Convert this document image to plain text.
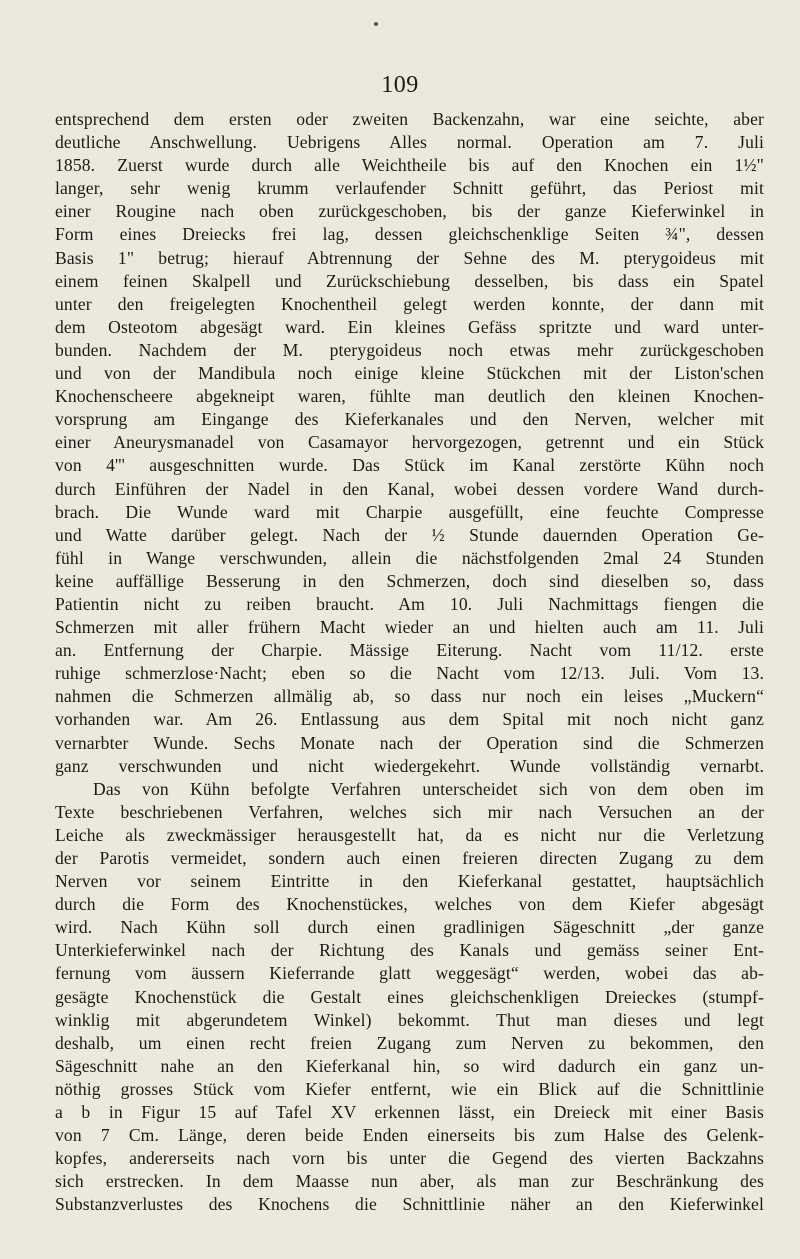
109
entsprechend dem ersten oder zweiten Backenzahn, war eine seichte, aber
deutliche Anschwellung. Uebrigens Alles normal. Operation am 7. Juli
1858. Zuerst wurde durch alle Weichtheile bis auf den Knochen ein 1½"
langer, sehr wenig krumm verlaufender Schnitt geführt, das Periost mit
einer Rougine nach oben zurückgeschoben, bis der ganze Kieferwinkel in
Form eines Dreiecks frei lag, dessen gleichschenklige Seiten ¾", dessen
Basis 1" betrug; hierauf Abtrennung der Sehne des M. pterygoideus mit
einem feinen Skalpell und Zurückschiebung desselben, bis dass ein Spatel
unter den freigelegten Knochentheil gelegt werden konnte, der dann mit
dem Osteotom abgesägt ward. Ein kleines Gefäss spritzte und ward unter-
bunden. Nachdem der M. pterygoideus noch etwas mehr zurückgeschoben
und von der Mandibula noch einige kleine Stückchen mit der Liston'schen
Knochenscheere abgekneipt waren, fühlte man deutlich den kleinen Knochen-
vorsprung am Eingange des Kieferkanales und den Nerven, welcher mit
einer Aneurysmanadel von Casamayor hervorgezogen, getrennt und ein Stück
von 4''' ausgeschnitten wurde. Das Stück im Kanal zerstörte Kühn noch
durch Einführen der Nadel in den Kanal, wobei dessen vordere Wand durch-
brach. Die Wunde ward mit Charpie ausgefüllt, eine feuchte Compresse
und Watte darüber gelegt. Nach der ½ Stunde dauernden Operation Ge-
fühl in Wange verschwunden, allein die nächstfolgenden 2mal 24 Stunden
keine auffällige Besserung in den Schmerzen, doch sind dieselben so, dass
Patientin nicht zu reiben braucht. Am 10. Juli Nachmittags fiengen die
Schmerzen mit aller frühern Macht wieder an und hielten auch am 11. Juli
an. Entfernung der Charpie. Mässige Eiterung. Nacht vom 11/12. erste
ruhige schmerzlose·Nacht; eben so die Nacht vom 12/13. Juli. Vom 13.
nahmen die Schmerzen allmälig ab, so dass nur noch ein leises „Muckern“
vorhanden war. Am 26. Entlassung aus dem Spital mit noch nicht ganz
vernarbter Wunde. Sechs Monate nach der Operation sind die Schmerzen
ganz verschwunden und nicht wiedergekehrt. Wunde vollständig vernarbt.
Das von Kühn befolgte Verfahren unterscheidet sich von dem oben im
Texte beschriebenen Verfahren, welches sich mir nach Versuchen an der
Leiche als zweckmässiger herausgestellt hat, da es nicht nur die Verletzung
der Parotis vermeidet, sondern auch einen freieren directen Zugang zu dem
Nerven vor seinem Eintritte in den Kieferkanal gestattet, hauptsächlich
durch die Form des Knochenstückes, welches von dem Kiefer abgesägt
wird. Nach Kühn soll durch einen gradlinigen Sägeschnitt „der ganze
Unterkieferwinkel nach der Richtung des Kanals und gemäss seiner Ent-
fernung vom äussern Kieferrande glatt weggesägt“ werden, wobei das ab-
gesägte Knochenstück die Gestalt eines gleichschenkligen Dreieckes (stumpf-
winklig mit abgerundetem Winkel) bekommt. Thut man dieses und legt
deshalb, um einen recht freien Zugang zum Nerven zu bekommen, den
Sägeschnitt nahe an den Kieferkanal hin, so wird dadurch ein ganz un-
nöthig grosses Stück vom Kiefer entfernt, wie ein Blick auf die Schnittlinie
a b in Figur 15 auf Tafel XV erkennen lässt, ein Dreieck mit einer Basis
von 7 Cm. Länge, deren beide Enden einerseits bis zum Halse des Gelenk-
kopfes, andererseits nach vorn bis unter die Gegend des vierten Backzahns
sich erstrecken. In dem Maasse nun aber, als man zur Beschränkung des
Substanzverlustes des Knochens die Schnittlinie näher an den Kieferwinkel
